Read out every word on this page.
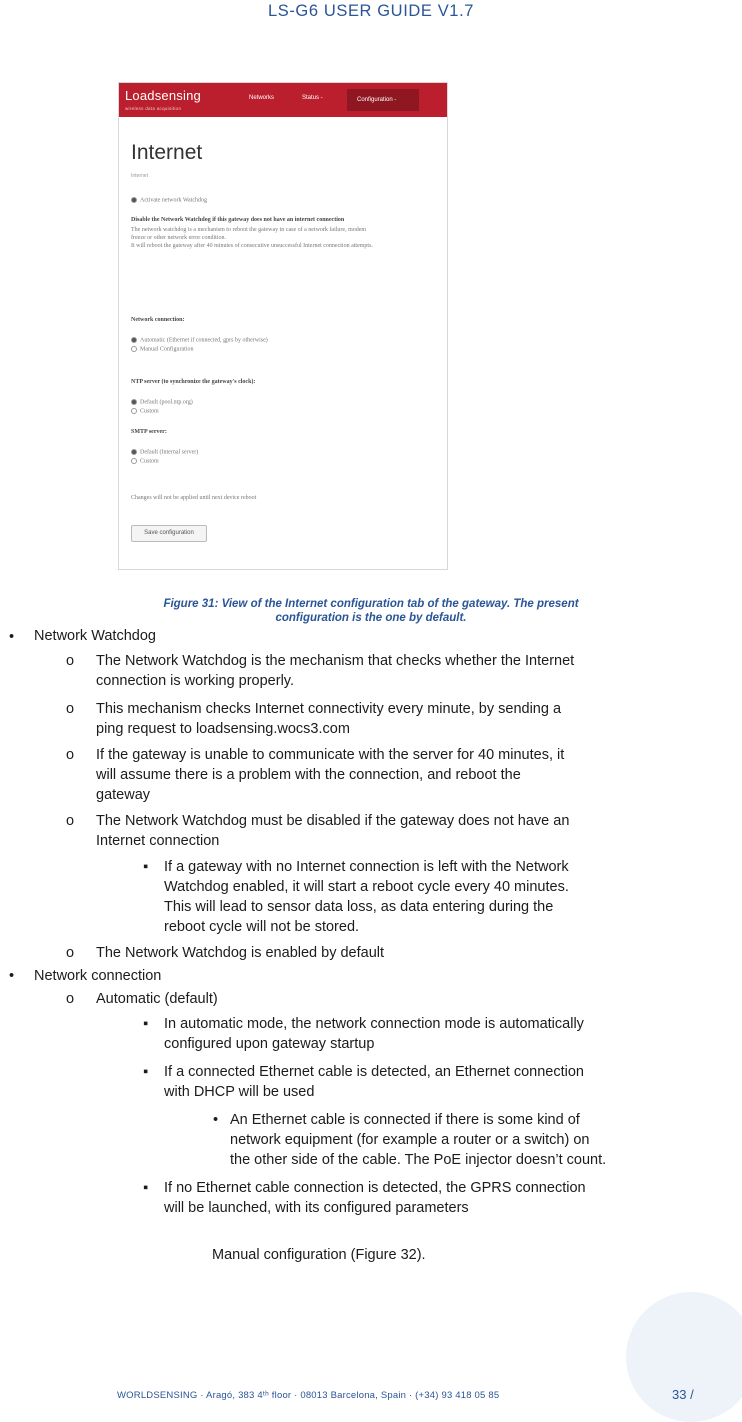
LS-G6 USER GUIDE V1.7
Loadsensing
wireless data acquisition
Networks	Status -	Configuration -
Internet
Internet
Activate network Watchdog
Disable the Network Watchdog if this gateway does not have an internet connection
The network watchdog is a mechanism to reboot the gateway in case of a network failure, modem
freeze or other network error condition.
It will reboot the gateway after 40 minutes of consecutive unsuccessful Internet connection attempts.
Network connection:
Automatic (Ethernet if connected, gprs by otherwise)
Manual Configuration
NTP server (to synchronize the gateway's clock):
Default (pool.ntp.org)
Custom
SMTP server:
Default (Internal server)
Custom
Changes will not be applied until next device reboot
Save configuration
Figure 31: View of the Internet configuration tab of the gateway. The present
configuration is the one by default.
• Network Watchdog
o The Network Watchdog is the mechanism that checks whether the Internet
connection is working properly.
o This mechanism checks Internet connectivity every minute, by sending a
ping request to loadsensing.wocs3.com
o If the gateway is unable to communicate with the server for 40 minutes, it
will assume there is a problem with the connection, and reboot the
gateway
o The Network Watchdog must be disabled if the gateway does not have an
Internet connection
▪ If a gateway with no Internet connection is left with the Network
Watchdog enabled, it will start a reboot cycle every 40 minutes.
This will lead to sensor data loss, as data entering during the
reboot cycle will not be stored.
o The Network Watchdog is enabled by default
• Network connection
o Automatic (default)
▪ In automatic mode, the network connection mode is automatically
configured upon gateway startup
▪ If a connected Ethernet cable is detected, an Ethernet connection
with DHCP will be used
• An Ethernet cable is connected if there is some kind of
network equipment (for example a router or a switch) on
the other side of the cable. The PoE injector doesn’t count.
▪ If no Ethernet cable connection is detected, the GPRS connection
will be launched, with its configured parameters
Manual configuration (Figure 32).
WORLDSENSING · Aragó, 383 4ᵗʰ floor · 08013 Barcelona, Spain · (+34) 93 418 05 85	33 /
